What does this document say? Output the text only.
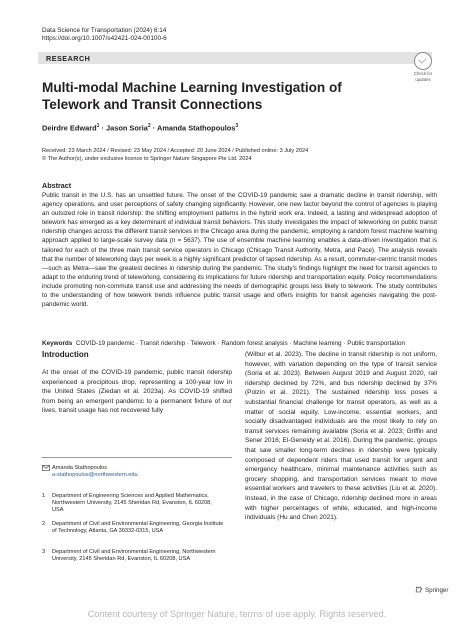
Data Science for Transportation (2024) 6:14
https://doi.org/10.1007/s42421-024-00100-6
RESEARCH
Check for
updates
Multi-modal Machine Learning Investigation of Telework and Transit Connections
Deirdre Edward$^1$ · Jason Soria$^2$ · Amanda Stathopoulos$^3$
Received: 23 March 2024 / Revised: 23 May 2024 / Accepted: 20 June 2024 / Published online: 3 July 2024
© The Author(s), under exclusive licence to Springer Nature Singapore Pte Ltd. 2024
Abstract
Public transit in the U.S. has an unsettled future. The onset of the COVID-19 pandemic saw a dramatic decline in transit ridership, with agency operations, and user perceptions of safety changing significantly. However, one new factor beyond the control of agencies is playing an outsized role in transit ridership: the shifting employment patterns in the hybrid work era. Indeed, a lasting and widespread adoption of telework has emerged as a key determinant of individual transit behaviors. This study investigates the impact of teleworking on public transit ridership changes across the different transit services in the Chicago area during the pandemic, employing a random forest machine learning approach applied to large-scale survey data (n = 5637). The use of ensemble machine learning enables a data-driven investigation that is tailored for each of the three main transit service operators in Chicago (Chicago Transit Authority, Metra, and Pace). The analysis reveals that the number of teleworking days per week is a highly significant predictor of lapsed ridership. As a result, commuter-centric transit modes—such as Metra—saw the greatest declines in ridership during the pandemic. The study's findings highlight the need for transit agencies to adapt to the enduring trend of teleworking, considering its implications for future ridership and transportation equity. Policy recommendations include promoting non-commute transit use and addressing the needs of demographic groups less likely to telework. The study contributes to the understanding of how telework trends influence public transit usage and offers insights for transit agencies navigating the post-pandemic world.
Keywords COVID-19 pandemic · Transit ridership · Telework · Random forest analysis · Machine learning · Public transportation
Introduction
At the onset of the COVID-19 pandemic, public transit ridership experienced a precipitous drop, representing a 100-year low in the United States (Ziedan et al. 2023a). As COVID-19 shifted from being an emergent pandemic to a permanent fixture of our lives, transit usage has not recovered fully
(Wilbur et al. 2023). The decline in transit ridership is not uniform, however, with variation depending on the type of transit service (Soria et al. 2023). Between August 2019 and August 2020, rail ridership declined by 72%, and bus ridership declined by 37% (Polzin et al. 2021). The sustained ridership loss poses a substantial financial challenge for transit operators, as well as a matter of social equity. Low-income, essential workers, and socially disadvantaged individuals are the most likely to rely on transit services remaining available (Soria et al. 2023; Griffin and Sener 2016; El-Geneidy et al. 2016). During the pandemic, groups that saw smaller long-term declines in ridership were typically composed of dependent riders that used transit for urgent and emergency healthcare, minimal maintenance activities such as grocery shopping, and transportation services meant to move essential workers and travelers to these activities (Liu et al. 2020). Instead, in the case of Chicago, ridership declined more in areas with higher percentages of white, educated, and high-income individuals (Hu and Chen 2021).
Amanda Stathopoulos
a-stathopoulos@northwestern.edu
1 Department of Engineering Sciences and Applied Mathematics, Northwestern University, 2145 Sheridan Rd, Evanston, IL 60208, USA
2 Department of Civil and Environmental Engineering, Georgia Institute of Technology, Atlanta, GA 30332-0315, USA
3 Department of Civil and Environmental Engineering, Northwestern University, 2145 Sheridan Rd, Evanston, IL 60208, USA
Springer
Content courtesy of Springer Nature, terms of use apply. Rights reserved.
